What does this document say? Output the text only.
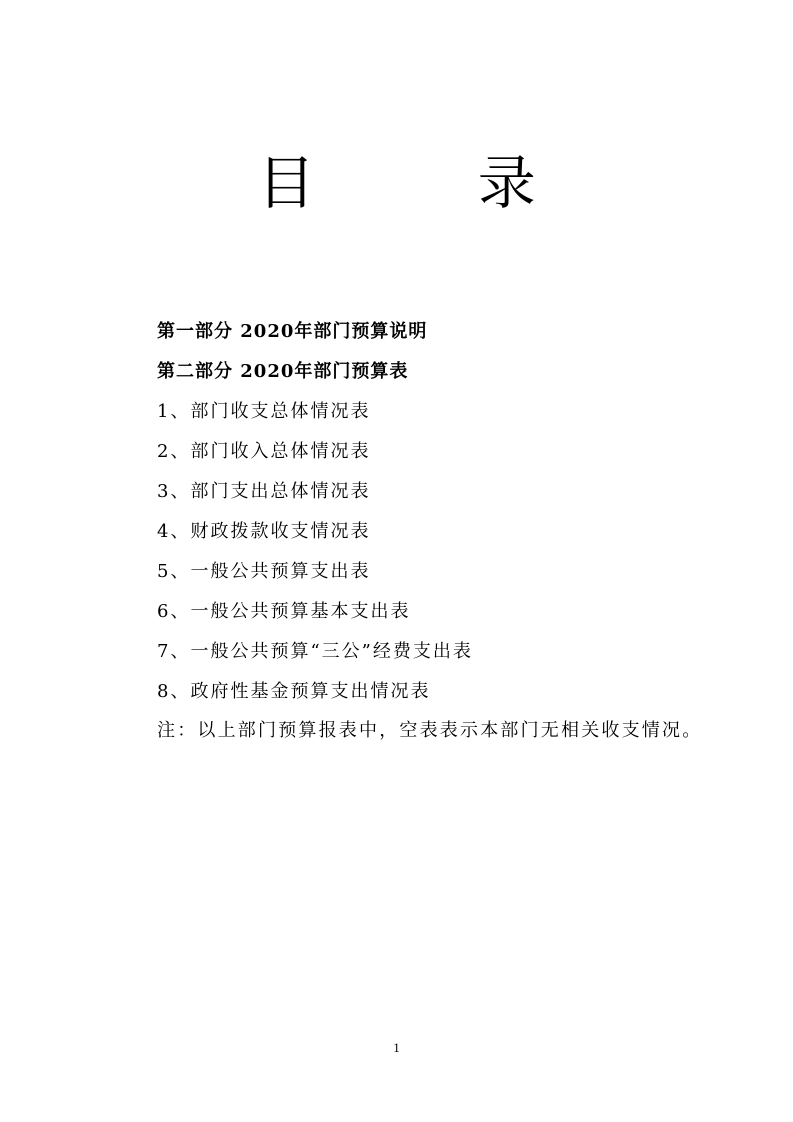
目 录
第一部分 2020年部门预算说明
第二部分 2020年部门预算表
1、部门收支总体情况表
2、部门收入总体情况表
3、部门支出总体情况表
4、财政拨款收支情况表
5、一般公共预算支出表
6、一般公共预算基本支出表
7、一般公共预算“三公”经费支出表
8、政府性基金预算支出情况表
注：以上部门预算报表中，空表表示本部门无相关收支情况。
1
